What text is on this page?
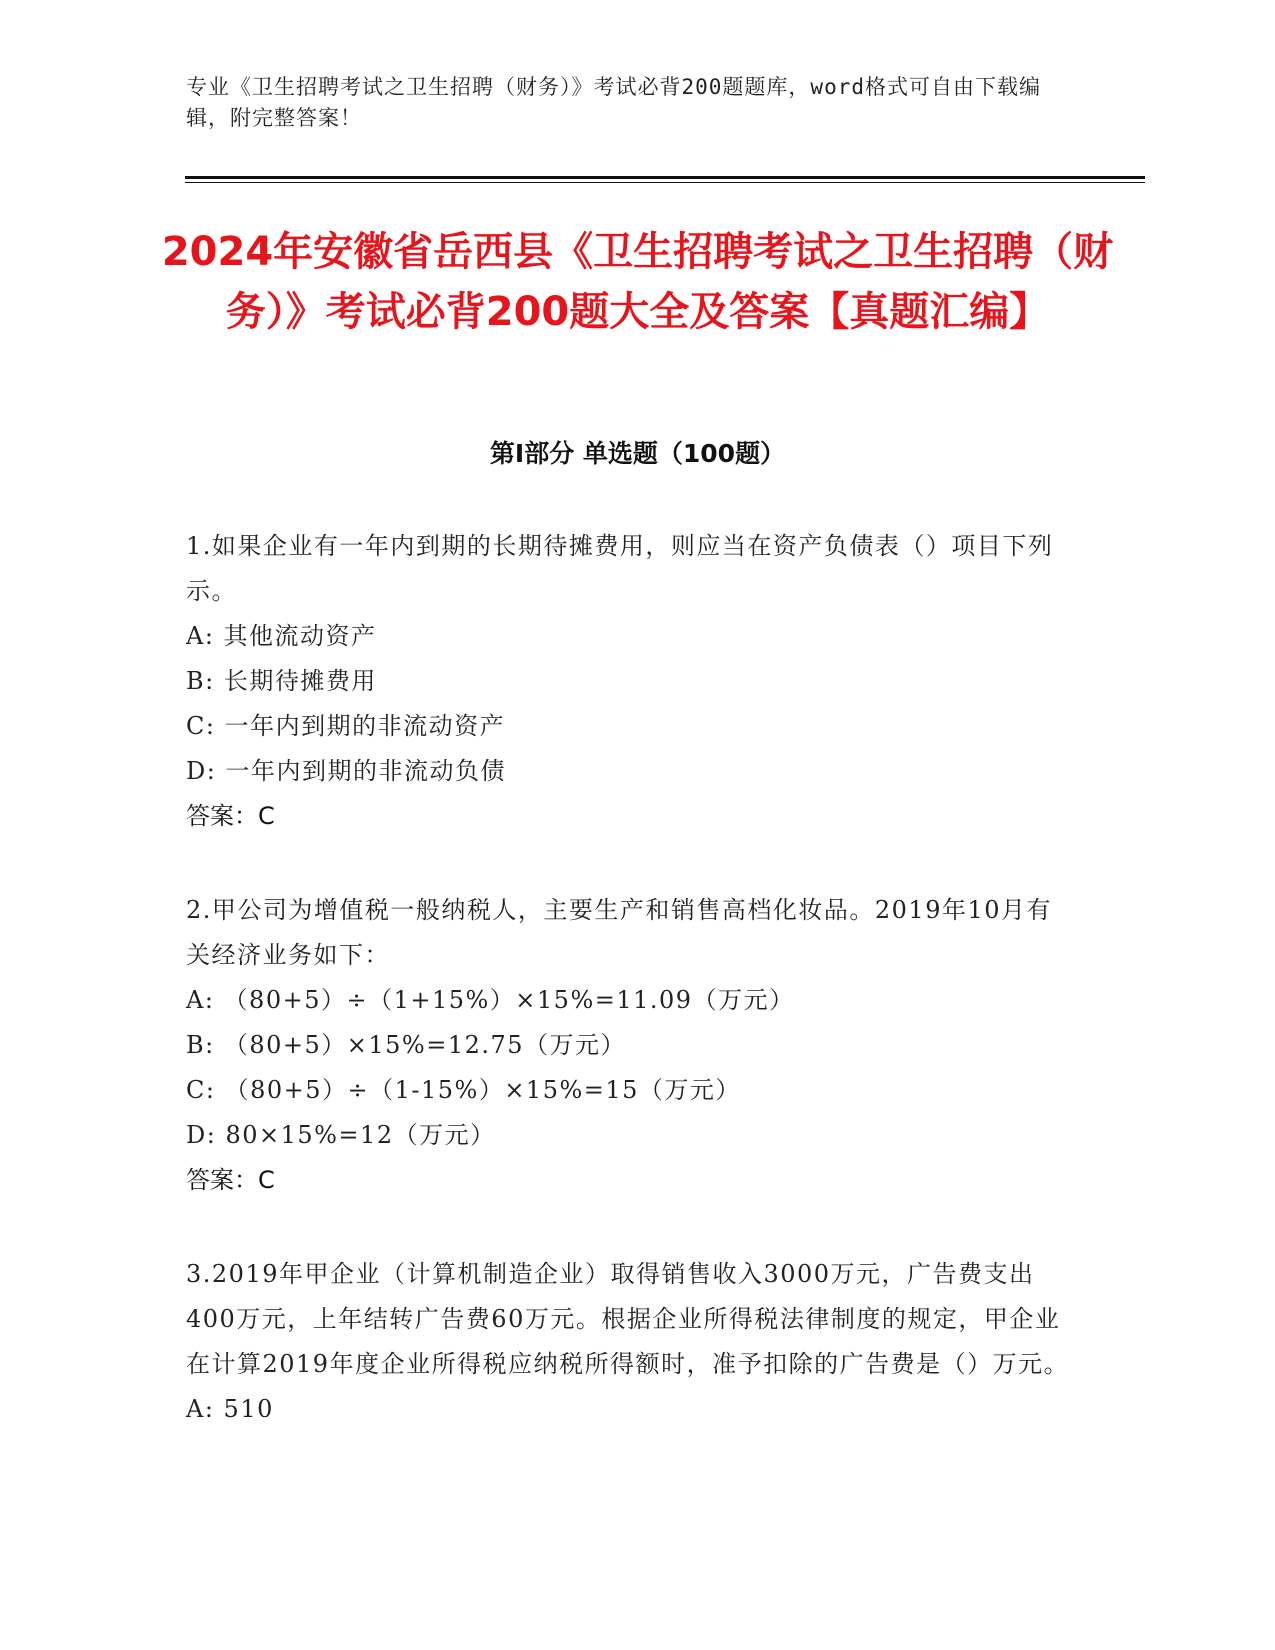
专业《卫生招聘考试之卫生招聘（财务）》考试必背200题题库，word格式可自由下载编辑，附完整答案！
2024年安徽省岳西县《卫生招聘考试之卫生招聘（财务）》考试必背200题大全及答案【真题汇编】
第I部分 单选题（100题）
1.如果企业有一年内到期的长期待摊费用，则应当在资产负债表（）项目下列示。
A: 其他流动资产
B: 长期待摊费用
C: 一年内到期的非流动资产
D: 一年内到期的非流动负债
答案：C
2.甲公司为增值税一般纳税人，主要生产和销售高档化妆品。2019年10月有关经济业务如下：
A: （80+5）÷（1+15%）×15%=11.09（万元）
B: （80+5）×15%=12.75（万元）
C: （80+5）÷（1-15%）×15%=15（万元）
D: 80×15%=12（万元）
答案：C
3.2019年甲企业（计算机制造企业）取得销售收入3000万元，广告费支出400万元，上年结转广告费60万元。根据企业所得税法律制度的规定，甲企业在计算2019年度企业所得税应纳税所得额时，准予扣除的广告费是（）万元。
A: 510
